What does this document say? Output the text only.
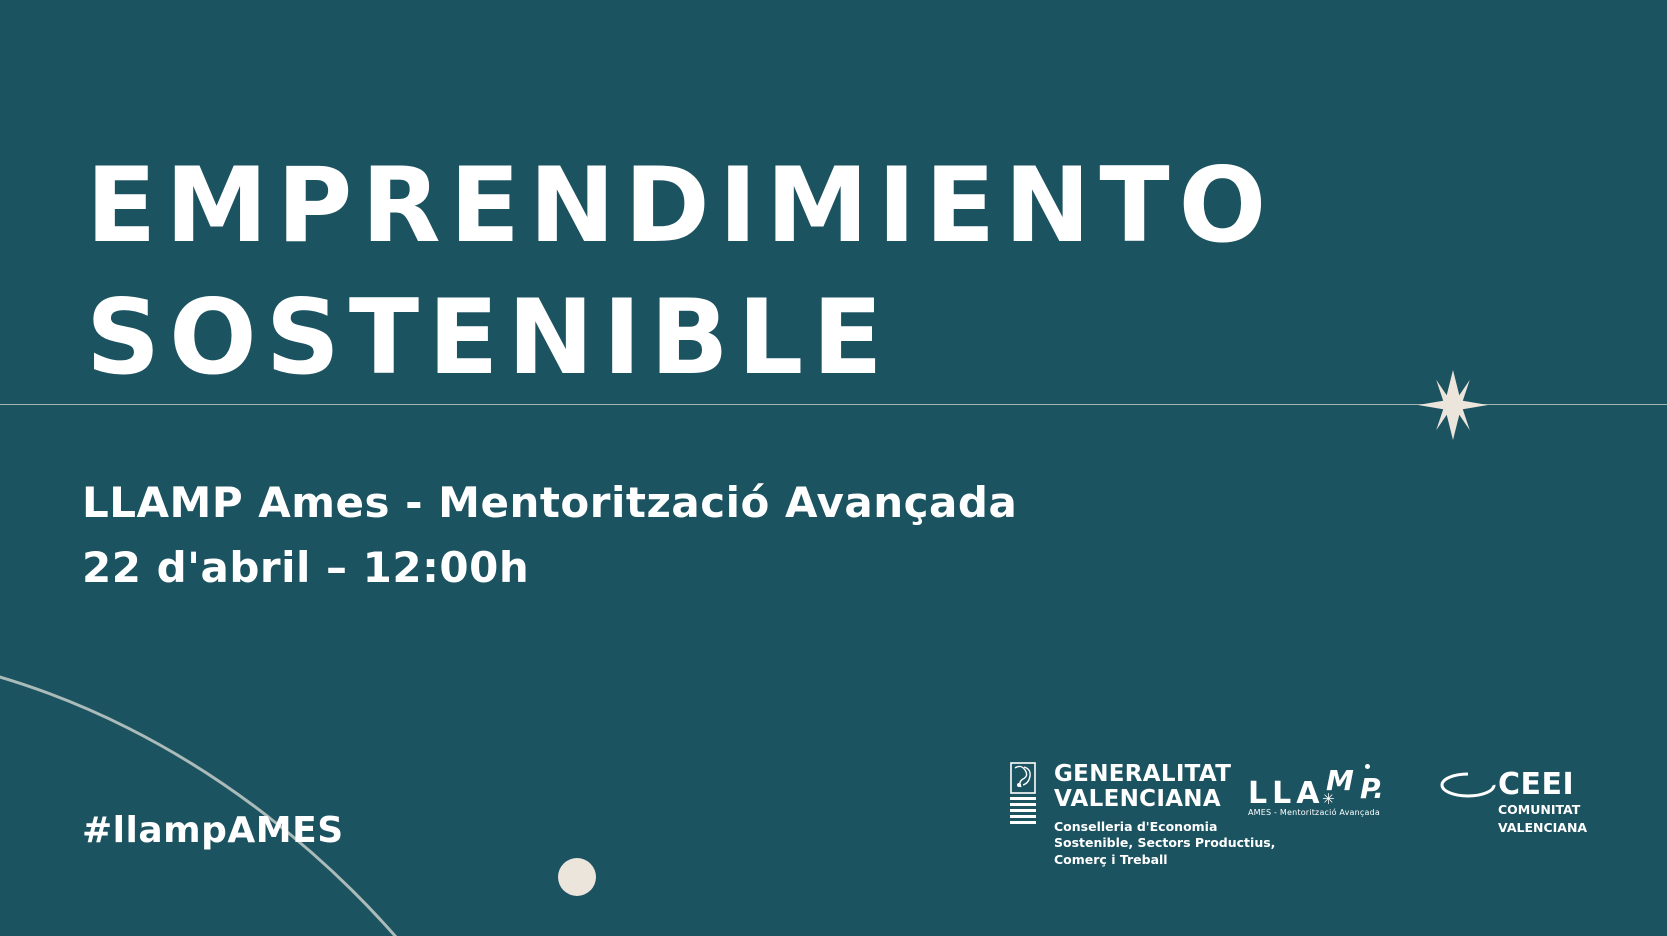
EMPRENDIMIENTO
SOSTENIBLE
LLAMP Ames - Mentorització Avançada
22 d'abril – 12:00h
#llampAMES
GENERALITAT
VALENCIANA
Conselleria d'Economia
Sostenible, Sectors Productius,
Comerç i Treball
LLA M
✳ P.
AMES - Mentorització Avançada
CEEI
COMUNITAT
VALENCIANA
